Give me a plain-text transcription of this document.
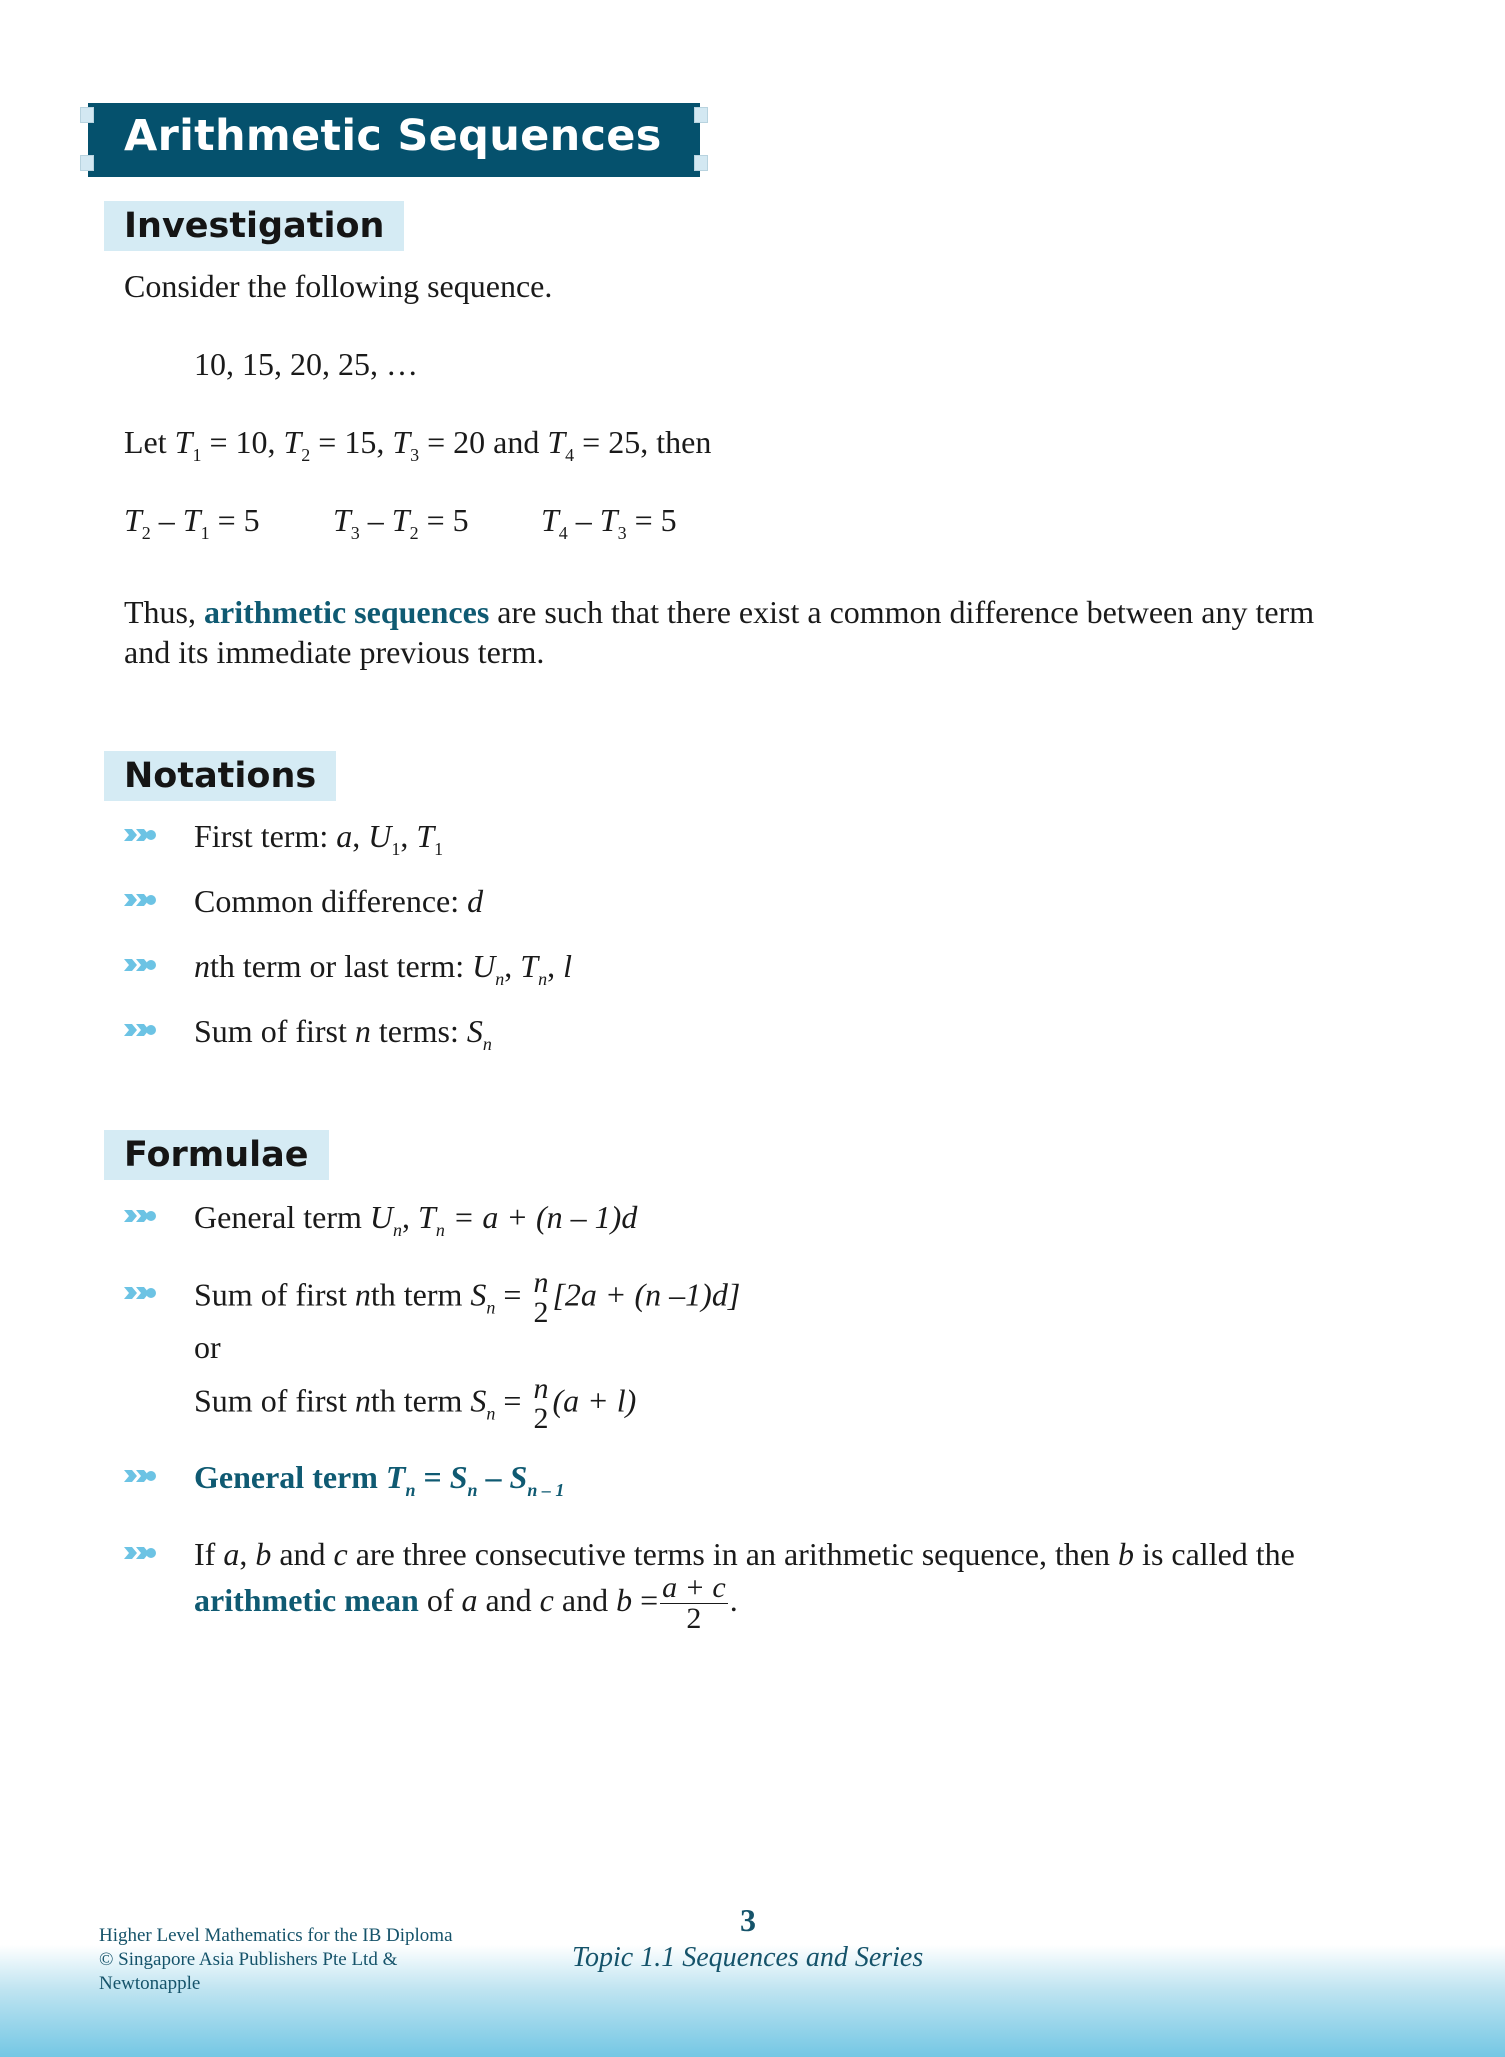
Arithmetic Sequences
Investigation
Consider the following sequence.
10, 15, 20, 25, …
Let $T_1 = 10$, $T_2 = 15$, $T_3 = 20$ and $T_4 = 25$, then
$T_2 - T_1 = 5$ $T_3 - T_2 = 5$ $T_4 - T_3 = 5$
Thus, arithmetic sequences are such that there exist a common difference between any term
and its immediate previous term.
Notations
First term: a, $U_1$, $T_1$
Common difference: d
nth term or last term: $U_n$, $T_n$, l
Sum of first n terms: $S_n$
Formulae
General term $U_n$, $T_n = a + (n - 1)d$
Sum of first nth term $S_n = n$
2
[2a + (n –1)d]
or
Sum of first nth term $S_n = n$
2
(a + l)
General term $T_n = S_n - S_{n - 1}$
If a, b and c are three consecutive terms in an arithmetic sequence, then b is called the
arithmetic mean of a and c and $b = \frac{a + c}{2}$ .
Higher Level Mathematics for the IB Diploma
© Singapore Asia Publishers Pte Ltd &
Newtonapple
3
Topic 1.1 Sequences and Series
